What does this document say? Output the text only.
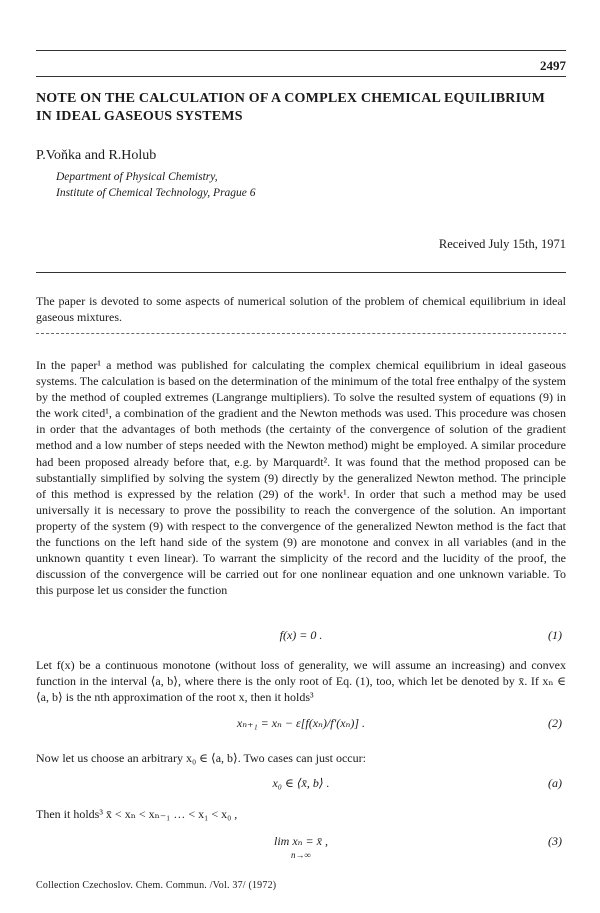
2497
NOTE ON THE CALCULATION OF A COMPLEX CHEMICAL EQUILIBRIUM IN IDEAL GASEOUS SYSTEMS
P.Voňka and R.Holub
Department of Physical Chemistry,
Institute of Chemical Technology, Prague 6
Received July 15th, 1971
The paper is devoted to some aspects of numerical solution of the problem of chemical equilibrium in ideal gaseous mixtures.

In the paper¹ a method was published for calculating the complex chemical equilibrium in ideal gaseous systems. The calculation is based on the determination of the minimum of the total free enthalpy of the system by the method of coupled extremes (Langrange multipliers). To solve the resulted system of equations (9) in the work cited¹, a combination of the gradient and the Newton methods was used. This procedure was chosen in order that the advantages of both methods (the certainty of the convergence of solution of the gradient method and a low number of steps needed with the Newton method) might be employed. A similar procedure had been proposed already before that, e.g. by Marquardt². It was found that the method proposed can be substantially simplified by solving the system (9) directly by the generalized Newton method. The principle of this method is expressed by the relation (29) of the work¹. In order that such a method may be used universally it is necessary to prove the possibility to reach the convergence of the solution. An important property of the system (9) with respect to the convergence of the generalized Newton method is the fact that the functions on the left hand side of the system (9) are monotone and convex in all variables (and in the unknown quantity t even linear). To warrant the simplicity of the record and the lucidity of the proof, the discussion of the convergence will be carried out for one nonlinear equation and one unknown variable. To this purpose let us consider the function

f(x) = 0 .	(1)

Let f(x) be a continuous monotone (without loss of generality, we will assume an increasing) and convex function in the interval ⟨a, b⟩, where there is the only root of Eq. (1), too, which let be denoted by x̄. If xₙ ∈ ⟨a, b⟩ is the nth approximation of the root x, then it holds³

xₙ₊₁ = xₙ − ε[f(xₙ)/f′(xₙ)] .	(2)

Now let us choose an arbitrary x₀ ∈ ⟨a, b⟩. Two cases can just occur:

x₀ ∈ ⟨x̄, b⟩ .	(a)

Then it holds³ x̄ < xₙ < xₙ₋₁ … < x₁ < x₀ ,

lim xₙ = x̄ ,
n→∞
(3)
Collection Czechoslov. Chem. Commun. /Vol. 37/ (1972)
